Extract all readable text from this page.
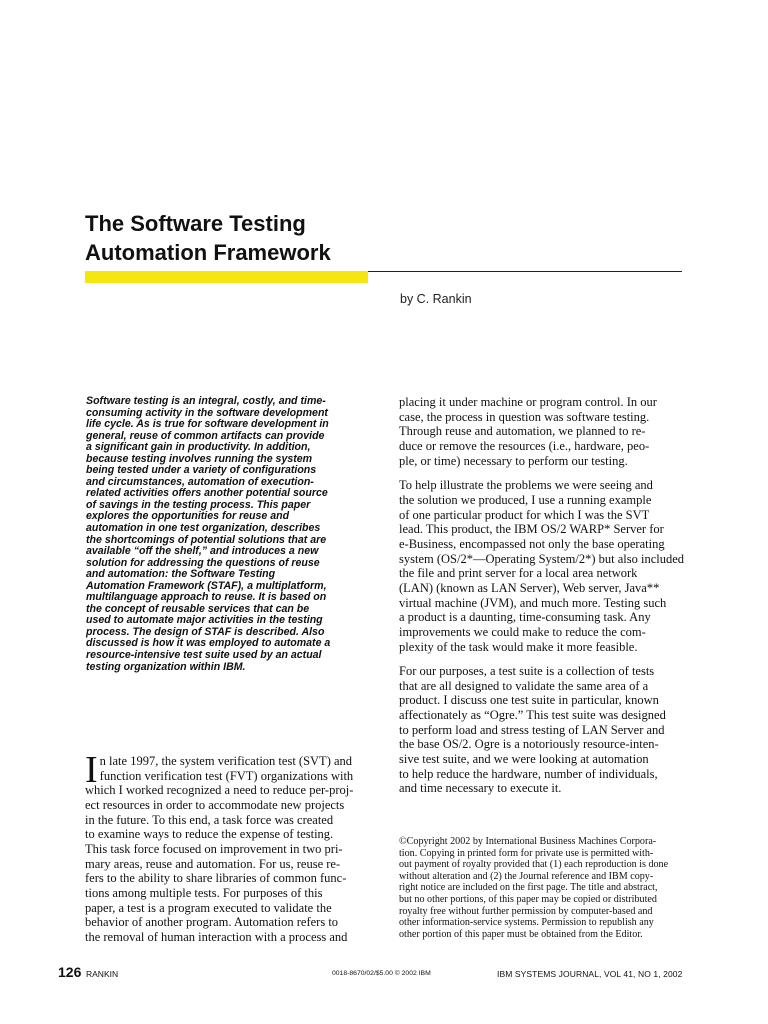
The Software Testing
Automation Framework
by C. Rankin
Software testing is an integral, costly, and time-
consuming activity in the software development
life cycle. As is true for software development in
general, reuse of common artifacts can provide
a significant gain in productivity. In addition,
because testing involves running the system
being tested under a variety of configurations
and circumstances, automation of execution-
related activities offers another potential source
of savings in the testing process. This paper
explores the opportunities for reuse and
automation in one test organization, describes
the shortcomings of potential solutions that are
available “off the shelf,” and introduces a new
solution for addressing the questions of reuse
and automation: the Software Testing
Automation Framework (STAF), a multiplatform,
multilanguage approach to reuse. It is based on
the concept of reusable services that can be
used to automate major activities in the testing
process. The design of STAF is described. Also
discussed is how it was employed to automate a
resource-intensive test suite used by an actual
testing organization within IBM.
I n late 1997, the system verification test (SVT) and
function verification test (FVT) organizations with
which I worked recognized a need to reduce per-proj-
ect resources in order to accommodate new projects
in the future. To this end, a task force was created
to examine ways to reduce the expense of testing.
This task force focused on improvement in two pri-
mary areas, reuse and automation. For us, reuse re-
fers to the ability to share libraries of common func-
tions among multiple tests. For purposes of this
paper, a test is a program executed to validate the
behavior of another program. Automation refers to
the removal of human interaction with a process and
placing it under machine or program control. In our
case, the process in question was software testing.
Through reuse and automation, we planned to re-
duce or remove the resources (i.e., hardware, peo-
ple, or time) necessary to perform our testing.
To help illustrate the problems we were seeing and
the solution we produced, I use a running example
of one particular product for which I was the SVT
lead. This product, the IBM OS/2 WARP* Server for
e-Business, encompassed not only the base operating
system (OS/2*—Operating System/2*) but also included
the file and print server for a local area network
(LAN) (known as LAN Server), Web server, Java**
virtual machine (JVM), and much more. Testing such
a product is a daunting, time-consuming task. Any
improvements we could make to reduce the com-
plexity of the task would make it more feasible.
For our purposes, a test suite is a collection of tests
that are all designed to validate the same area of a
product. I discuss one test suite in particular, known
affectionately as “Ogre.” This test suite was designed
to perform load and stress testing of LAN Server and
the base OS/2. Ogre is a notoriously resource-inten-
sive test suite, and we were looking at automation
to help reduce the hardware, number of individuals,
and time necessary to execute it.
©Copyright 2002 by International Business Machines Corpora-
tion. Copying in printed form for private use is permitted with-
out payment of royalty provided that (1) each reproduction is done
without alteration and (2) the Journal reference and IBM copy-
right notice are included on the first page. The title and abstract,
but no other portions, of this paper may be copied or distributed
royalty free without further permission by computer-based and
other information-service systems. Permission to republish any
other portion of this paper must be obtained from the Editor.
126 RANKIN	0018-8670/02/$5.00 © 2002 IBM	IBM SYSTEMS JOURNAL, VOL 41, NO 1, 2002
